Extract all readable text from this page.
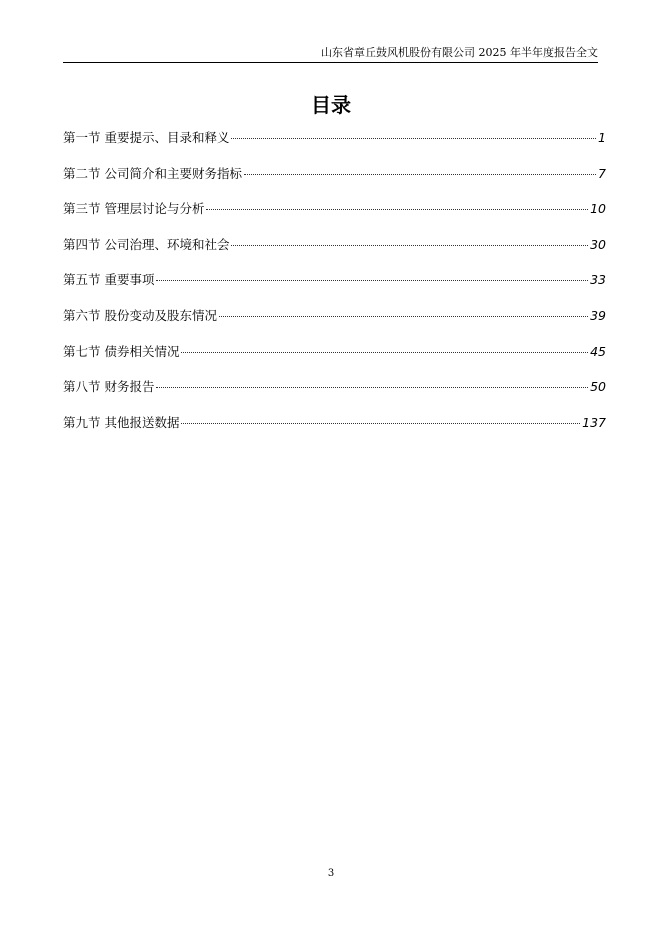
山东省章丘鼓风机股份有限公司 2025 年半年度报告全文
目录
第一节 重要提示、目录和释义	1
第二节 公司简介和主要财务指标	7
第三节 管理层讨论与分析	10
第四节 公司治理、环境和社会	30
第五节 重要事项	33
第六节 股份变动及股东情况	39
第七节 债券相关情况	45
第八节 财务报告	50
第九节 其他报送数据	137
3
